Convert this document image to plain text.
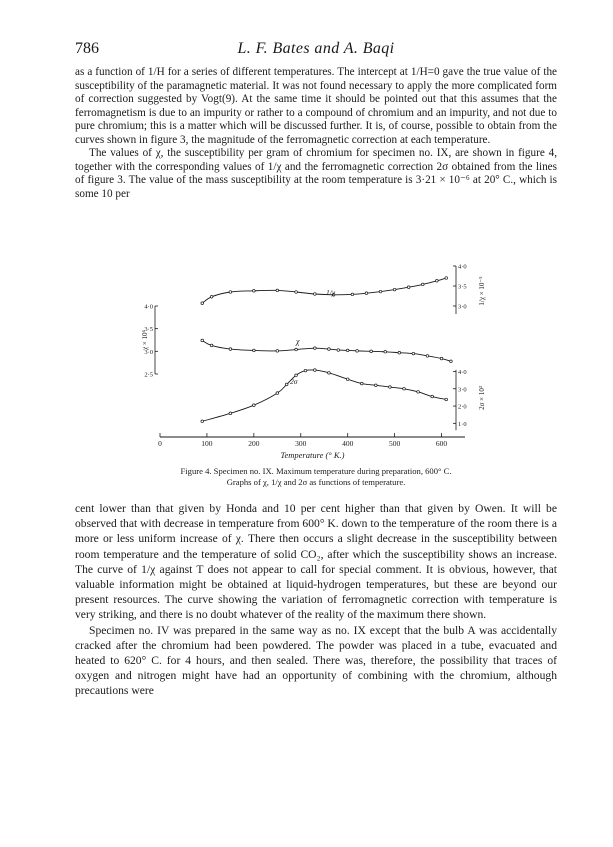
786	L. F. Bates and A. Baqi

as a function of 1/H for a series of different temperatures. The intercept at 1/H=0 gave the true value of the susceptibility of the paramagnetic material. It was not found necessary to apply the more complicated form of correction suggested by Vogt(9). At the same time it should be pointed out that this assumes that the ferromagnetism is due to an impurity or rather to a compound of chromium and an impurity, and not due to pure chromium; this is a matter which will be discussed further. It is, of course, possible to obtain from the curves shown in figure 3, the magnitude of the ferromagnetic correction at each temperature.

The values of χ, the susceptibility per gram of chromium for specimen no. IX, are shown in figure 4, together with the corresponding values of 1/χ and the ferromagnetic correction 2σ obtained from the lines of figure 3. The value of the mass susceptibility at the room temperature is 3·21 × 10⁻⁶ at 20° C., which is some 10 per

0	100	200	300	400	500	600
Temperature (° K.)
4·0
3·5
3·0
2·5
χ × 10⁶
4·0
3·5
3·0
1/χ × 10⁻⁵
4·0
3·0
2·0
1·0
2σ × 10³
1/χ
χ
2σ
Figure 4. Specimen no. IX. Maximum temperature during preparation, 600° C.
Graphs of χ, 1/χ and 2σ as functions of temperature.

cent lower than that given by Honda and 10 per cent higher than that given by Owen. It will be observed that with decrease in temperature from 600° K. down to the temperature of the room there is a more or less uniform increase of χ. There then occurs a slight decrease in the susceptibility between room temperature and the temperature of solid CO₂, after which the susceptibility shows an increase. The curve of 1/χ against T does not appear to call for special comment. It is obvious, however, that valuable information might be obtained at liquid-hydrogen temperatures, but these are beyond our present resources. The curve showing the variation of ferromagnetic correction with temperature is very striking, and there is no doubt whatever of the reality of the maximum there shown.

Specimen no. IV was prepared in the same way as no. IX except that the bulb A was accidentally cracked after the chromium had been powdered. The powder was placed in a tube, evacuated and heated to 620° C. for 4 hours, and then sealed. There was, therefore, the possibility that traces of oxygen and nitrogen might have had an opportunity of combining with the chromium, although precautions were
